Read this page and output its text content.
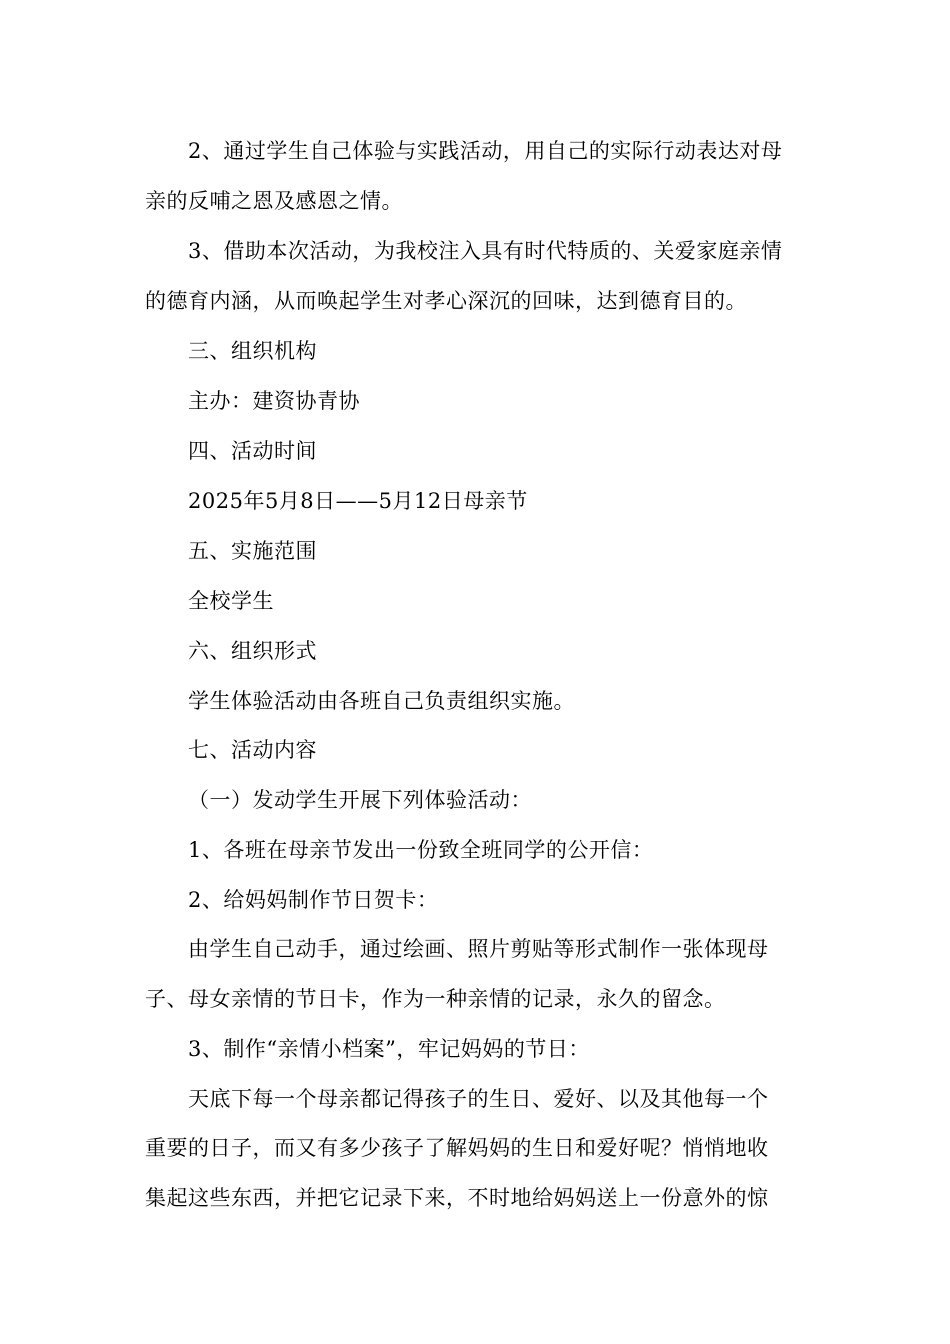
2、通过学生自己体验与实践活动，用自己的实际行动表达对母
亲的反哺之恩及感恩之情。
3、借助本次活动，为我校注入具有时代特质的、关爱家庭亲情
的德育内涵，从而唤起学生对孝心深沉的回味，达到德育目的。
三、组织机构
主办：建资协青协
四、活动时间
2025年5月8日——5月12日母亲节
五、实施范围
全校学生
六、组织形式
学生体验活动由各班自己负责组织实施。
七、活动内容
（一）发动学生开展下列体验活动：
1、各班在母亲节发出一份致全班同学的公开信：
2、给妈妈制作节日贺卡：
由学生自己动手，通过绘画、照片剪贴等形式制作一张体现母
子、母女亲情的节日卡，作为一种亲情的记录，永久的留念。
3、制作“亲情小档案”，牢记妈妈的节日：
天底下每一个母亲都记得孩子的生日、爱好、以及其他每一个
重要的日子，而又有多少孩子了解妈妈的生日和爱好呢？悄悄地收
集起这些东西，并把它记录下来，不时地给妈妈送上一份意外的惊
